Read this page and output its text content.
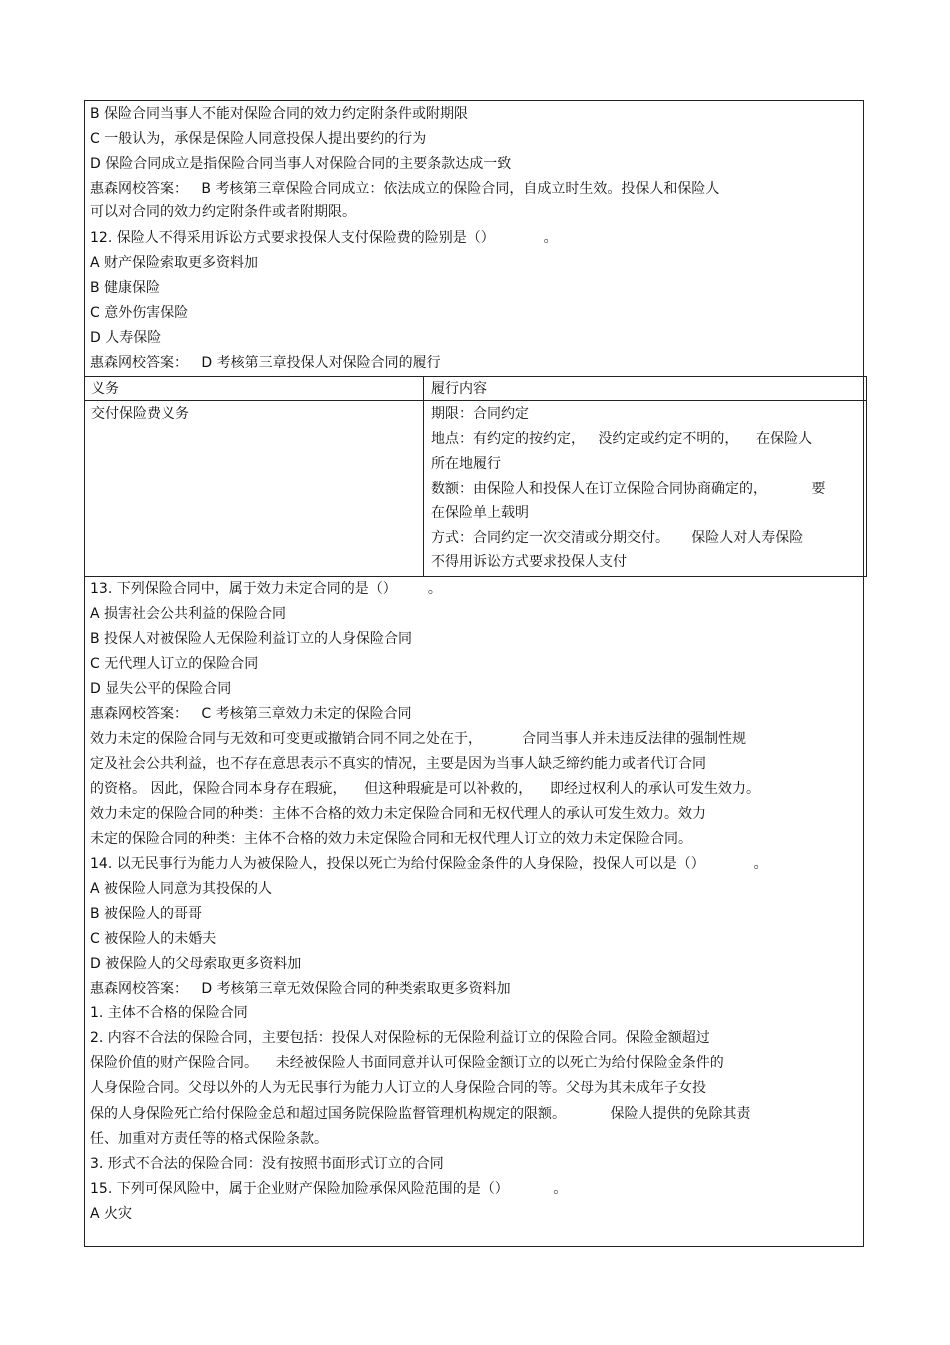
B 保险合同当事人不能对保险合同的效力约定附条件或附期限
C 一般认为，承保是保险人同意投保人提出要约的行为
D 保险合同成立是指保险合同当事人对保险合同的主要条款达成一致
惠森网校答案：   B 考核第三章保险合同成立：依法成立的保险合同，自成立时生效。投保人和保险人
可以对合同的效力约定附条件或者附期限。
12. 保险人不得采用诉讼方式要求投保人支付保险费的险别是（）           。
A 财产保险索取更多资料加
B 健康保险
C 意外伤害保险
D 人寿保险
惠森网校答案：   D 考核第三章投保人对保险合同的履行
义务	履行内容
交付保险费义务	期限：合同约定
地点：有约定的按约定，   没约定或约定不明的，    在保险人
所在地履行
数额：由保险人和投保人在订立保险合同协商确定的，          要
在保险单上载明
方式：合同约定一次交清或分期交付。     保险人对人寿保险
不得用诉讼方式要求投保人支付
13. 下列保险合同中，属于效力未定合同的是（）       。
A 损害社会公共利益的保险合同
B 投保人对被保险人无保险利益订立的人身保险合同
C 无代理人订立的保险合同
D 显失公平的保险合同
惠森网校答案：   C 考核第三章效力未定的保险合同
效力未定的保险合同与无效和可变更或撤销合同不同之处在于，         合同当事人并未违反法律的强制性规
定及社会公共利益，也不存在意思表示不真实的情况，主要是因为当事人缺乏缔约能力或者代订合同
的资格。 因此，保险合同本身存在瑕疵，    但这种瑕疵是可以补救的，    即经过权利人的承认可发生效力。
效力未定的保险合同的种类：主体不合格的效力未定保险合同和无权代理人的承认可发生效力。效力
未定的保险合同的种类：主体不合格的效力未定保险合同和无权代理人订立的效力未定保险合同。
14. 以无民事行为能力人为被保险人，投保以死亡为给付保险金条件的人身保险，投保人可以是（）           。
A 被保险人同意为其投保的人
B 被保险人的哥哥
C 被保险人的未婚夫
D 被保险人的父母索取更多资料加
惠森网校答案：   D 考核第三章无效保险合同的种类索取更多资料加
1. 主体不合格的保险合同
2. 内容不合法的保险合同，主要包括：投保人对保险标的无保险利益订立的保险合同。保险金额超过
保险价值的财产保险合同。    未经被保险人书面同意并认可保险金额订立的以死亡为给付保险金条件的
人身保险合同。父母以外的人为无民事行为能力人订立的人身保险合同的等。父母为其未成年子女投
保的人身保险死亡给付保险金总和超过国务院保险监督管理机构规定的限额。          保险人提供的免除其责
任、加重对方责任等的格式保险条款。
3. 形式不合法的保险合同：没有按照书面形式订立的合同
15. 下列可保风险中，属于企业财产保险加险承保风险范围的是（）          。
A 火灾
